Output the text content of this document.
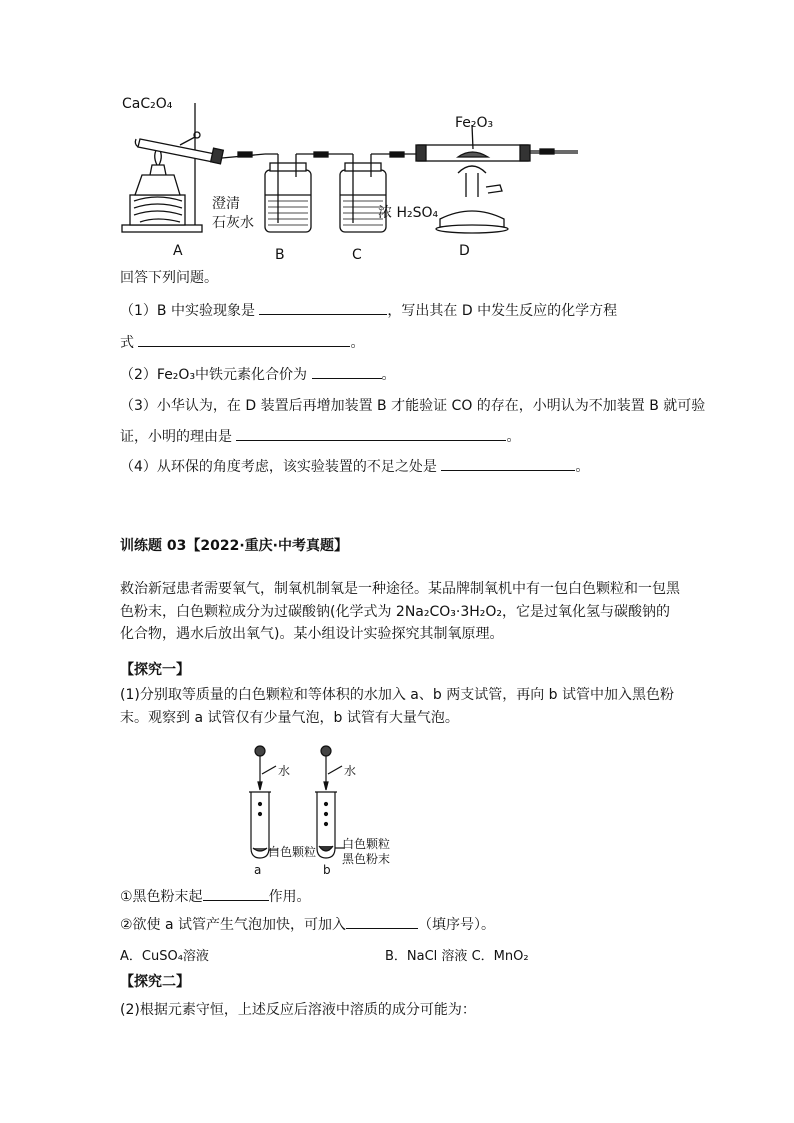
CaC₂O₄
Fe₂O₃
澄清
石灰水
浓 H₂SO₄
A	B	C	D
回答下列问题。
（1）B 中实验现象是	，写出其在 D 中发生反应的化学方程
式	。
（2）Fe₂O₃中铁元素化合价为	。
（3）小华认为，在 D 装置后再增加装置 B 才能验证 CO 的存在，小明认为不加装置 B 就可验
证，小明的理由是	。
（4）从环保的角度考虑，该实验装置的不足之处是	。
训练题 03【2022·重庆·中考真题】
救治新冠患者需要氧气，制氧机制氧是一种途径。某品牌制氧机中有一包白色颗粒和一包黑色粉末，白色颗粒成分为过碳酸钠(化学式为 2Na₂CO₃·3H₂O₂，它是过氧化氢与碳酸钠的化合物，遇水后放出氧气)。某小组设计实验探究其制氧原理。
【探究一】
(1)分别取等质量的白色颗粒和等体积的水加入 a、b 两支试管，再向 b 试管中加入黑色粉末。观察到 a 试管仅有少量气泡，b 试管有大量气泡。
水	水
白色颗粒
白色颗粒
黑色粉末
a	b
①黑色粉末起	作用。
②欲使 a 试管产生气泡加快，可加入	（填序号）。
A．CuSO₄溶液	B．NaCl 溶液 C．MnO₂
【探究二】
(2)根据元素守恒，上述反应后溶液中溶质的成分可能为：
